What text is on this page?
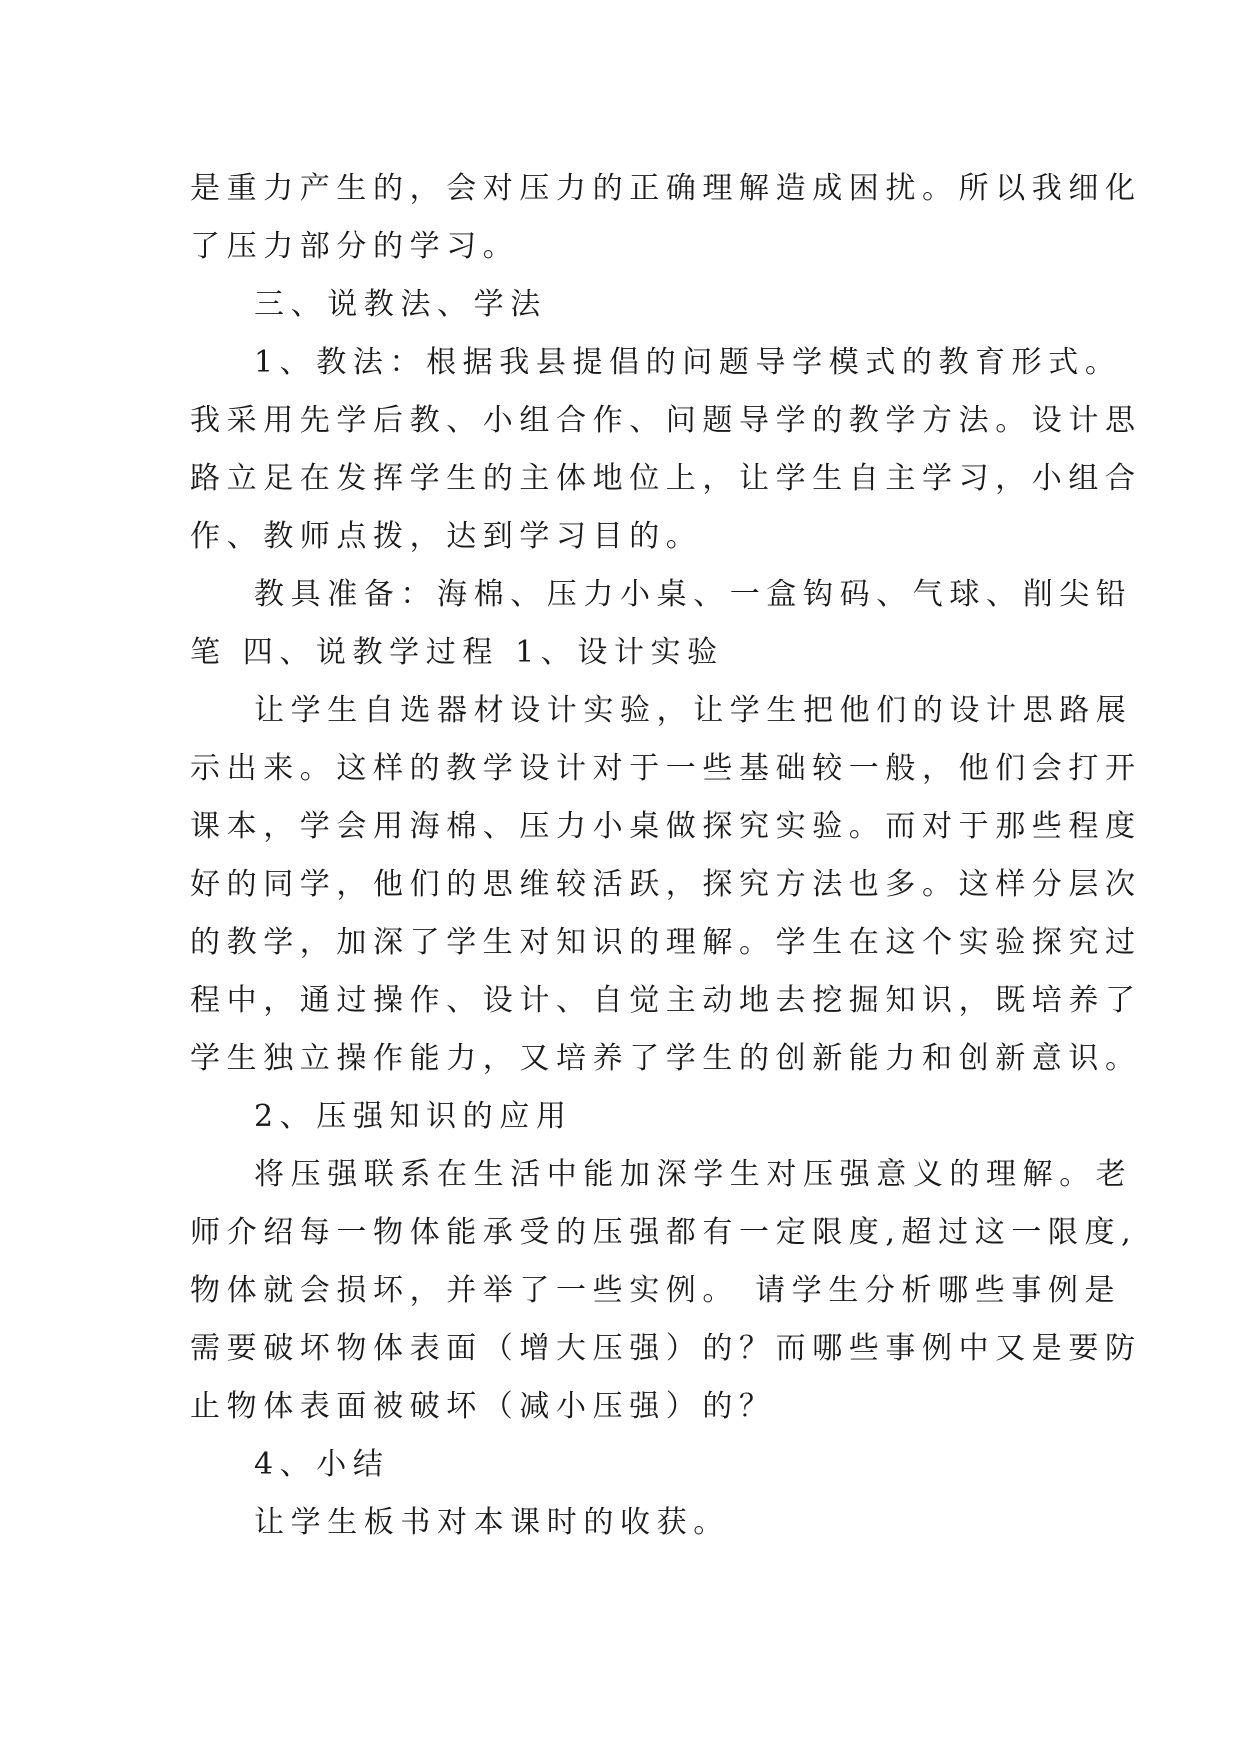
是重力产生的，会对压力的正确理解造成困扰。所以我细化
了压力部分的学习。
三、说教法、学法
1、教法：根据我县提倡的问题导学模式的教育形式。
我采用先学后教、小组合作、问题导学的教学方法。设计思
路立足在发挥学生的主体地位上，让学生自主学习，小组合
作、教师点拨，达到学习目的。
教具准备：海棉、压力小桌、一盒钩码、气球、削尖铅
笔 四、说教学过程 1、设计实验
让学生自选器材设计实验，让学生把他们的设计思路展
示出来。这样的教学设计对于一些基础较一般，他们会打开
课本，学会用海棉、压力小桌做探究实验。而对于那些程度
好的同学，他们的思维较活跃，探究方法也多。这样分层次
的教学，加深了学生对知识的理解。学生在这个实验探究过
程中，通过操作、设计、自觉主动地去挖掘知识，既培养了
学生独立操作能力，又培养了学生的创新能力和创新意识。
2、压强知识的应用
将压强联系在生活中能加深学生对压强意义的理解。老
师介绍每一物体能承受的压强都有一定限度,超过这一限度,
物体就会损坏，并举了一些实例。 请学生分析哪些事例是
需要破坏物体表面（增大压强）的？而哪些事例中又是要防
止物体表面被破坏（减小压强）的？
4、小结
让学生板书对本课时的收获。
